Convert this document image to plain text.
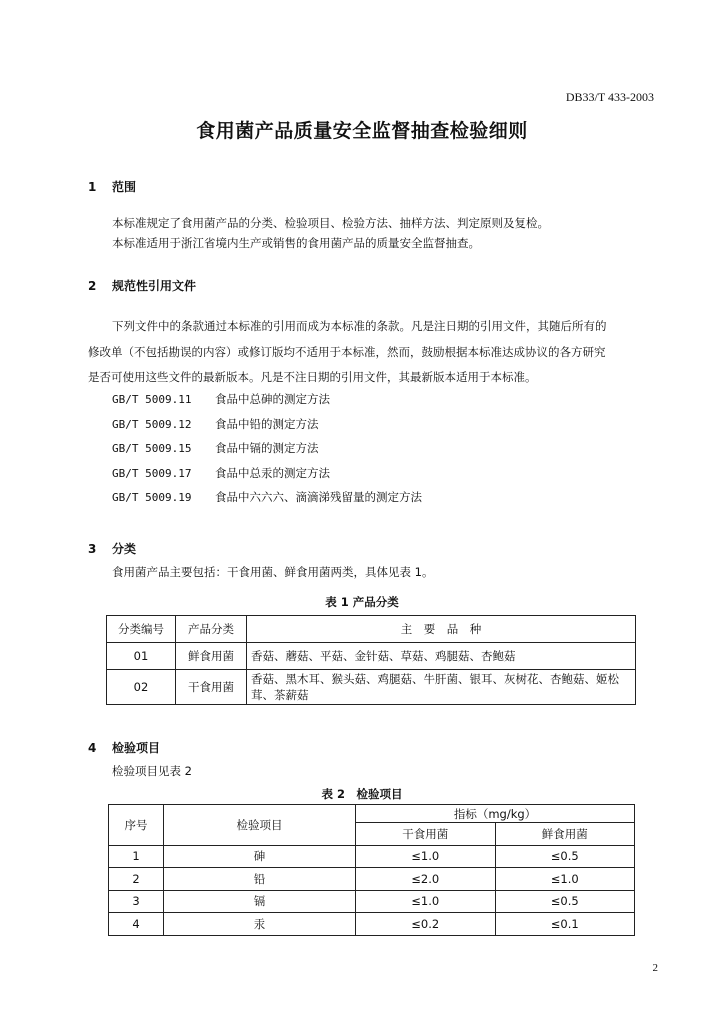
DB33/T 433-2003
食用菌产品质量安全监督抽查检验细则
1 范围
本标准规定了食用菌产品的分类、检验项目、检验方法、抽样方法、判定原则及复检。
本标准适用于浙江省境内生产或销售的食用菌产品的质量安全监督抽查。
2 规范性引用文件
下列文件中的条款通过本标准的引用而成为本标准的条款。凡是注日期的引用文件，其随后所有的
修改单（不包括勘误的内容）或修订版均不适用于本标准，然而，鼓励根据本标准达成协议的各方研究
是否可使用这些文件的最新版本。凡是不注日期的引用文件，其最新版本适用于本标准。
GB/T 5009.11 食品中总砷的测定方法
GB/T 5009.12 食品中铅的测定方法
GB/T 5009.15 食品中镉的测定方法
GB/T 5009.17 食品中总汞的测定方法
GB/T 5009.19 食品中六六六、滴滴涕残留量的测定方法
3 分类
食用菌产品主要包括：干食用菌、鲜食用菌两类，具体见表 1。
表 1 产品分类
分类编号	产品分类	主　要　品　种
01	鲜食用菌	香菇、蘑菇、平菇、金针菇、草菇、鸡腿菇、杏鲍菇
02	干食用菌	香菇、黑木耳、猴头菇、鸡腿菇、牛肝菌、银耳、灰树花、杏鲍菇、姬松茸、茶薪菇
4 检验项目
检验项目见表 2
表 2　检验项目
序号	检验项目	指标（mg/kg）	
		干食用菌	鲜食用菌
1	砷	≤1.0	≤0.5
2	铅	≤2.0	≤1.0
3	镉	≤1.0	≤0.5
4	汞	≤0.2	≤0.1
2
